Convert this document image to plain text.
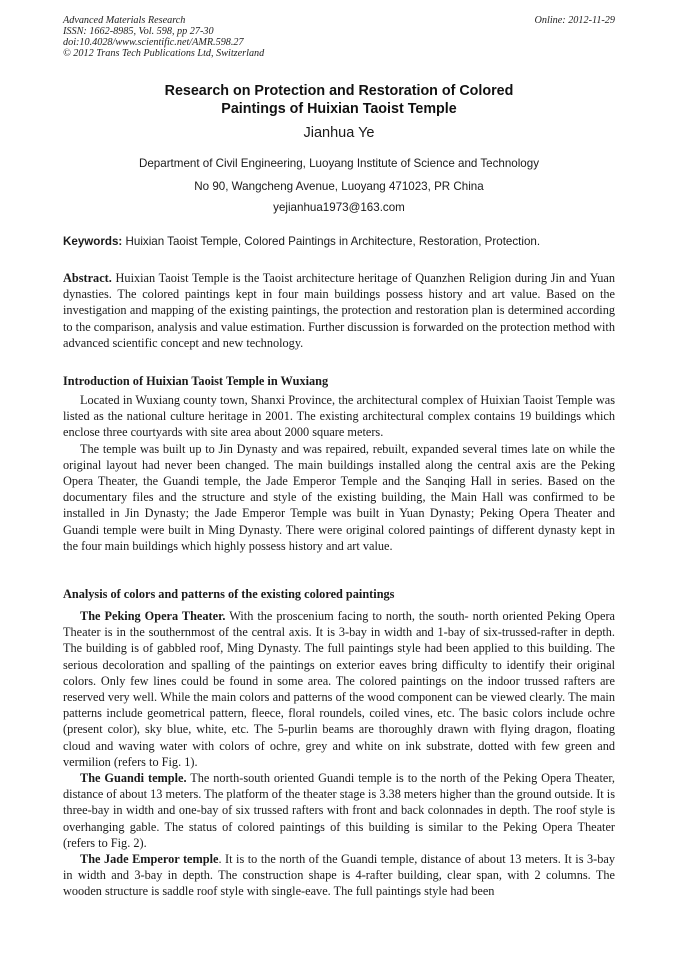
Advanced Materials Research
ISSN: 1662-8985, Vol. 598, pp 27-30
doi:10.4028/www.scientific.net/AMR.598.27
© 2012 Trans Tech Publications Ltd, Switzerland
Online: 2012-11-29
Research on Protection and Restoration of Colored
Paintings of Huixian Taoist Temple
Jianhua Ye
Department of Civil Engineering, Luoyang Institute of Science and Technology
No 90, Wangcheng Avenue, Luoyang 471023, PR China
yejianhua1973@163.com
Keywords: Huixian Taoist Temple, Colored Paintings in Architecture, Restoration, Protection.

Abstract. Huixian Taoist Temple is the Taoist architecture heritage of Quanzhen Religion during Jin and Yuan dynasties. The colored paintings kept in four main buildings possess history and art value. Based on the investigation and mapping of the existing paintings, the protection and restoration plan is determined according to the comparison, analysis and value estimation. Further discussion is forwarded on the protection method with advanced scientific concept and new technology.

Introduction of Huixian Taoist Temple in Wuxiang

Located in Wuxiang county town, Shanxi Province, the architectural complex of Huixian Taoist Temple was listed as the national culture heritage in 2001. The existing architectural complex contains 19 buildings which enclose three courtyards with site area about 2000 square meters.

The temple was built up to Jin Dynasty and was repaired, rebuilt, expanded several times late on while the original layout had never been changed. The main buildings installed along the central axis are the Peking Opera Theater, the Guandi temple, the Jade Emperor Temple and the Sanqing Hall in series. Based on the documentary files and the structure and style of the existing building, the Main Hall was confirmed to be installed in Jin Dynasty; the Jade Emperor Temple was built in Yuan Dynasty; Peking Opera Theater and Guandi temple were built in Ming Dynasty. There were original colored paintings of different dynasty kept in the four main buildings which highly possess history and art value.

Analysis of colors and patterns of the existing colored paintings

The Peking Opera Theater. With the proscenium facing to north, the south- north oriented Peking Opera Theater is in the southernmost of the central axis. It is 3-bay in width and 1-bay of six-trussed-rafter in depth. The building is of gabbled roof, Ming Dynasty. The full paintings style had been applied to this building. The serious decoloration and spalling of the paintings on exterior eaves bring difficulty to identify their original colors. Only few lines could be found in some area. The colored paintings on the indoor trussed rafters are reserved very well. While the main colors and patterns of the wood component can be viewed clearly. The main patterns include geometrical pattern, fleece, floral roundels, coiled vines, etc. The basic colors include ochre (present color), sky blue, white, etc. The 5-purlin beams are thoroughly drawn with flying dragon, floating cloud and waving water with colors of ochre, grey and white on ink substrate, dotted with few green and vermilion (refers to Fig. 1).

The Guandi temple. The north-south oriented Guandi temple is to the north of the Peking Opera Theater, distance of about 13 meters. The platform of the theater stage is 3.38 meters higher than the ground outside. It is three-bay in width and one-bay of six trussed rafters with front and back colonnades in depth. The roof style is overhanging gable. The status of colored paintings of this building is similar to the Peking Opera Theater (refers to Fig. 2).

The Jade Emperor temple. It is to the north of the Guandi temple, distance of about 13 meters. It is 3-bay in width and 3-bay in depth. The construction shape is 4-rafter building, clear span, with 2 columns. The wooden structure is saddle roof style with single-eave. The full paintings style had been
